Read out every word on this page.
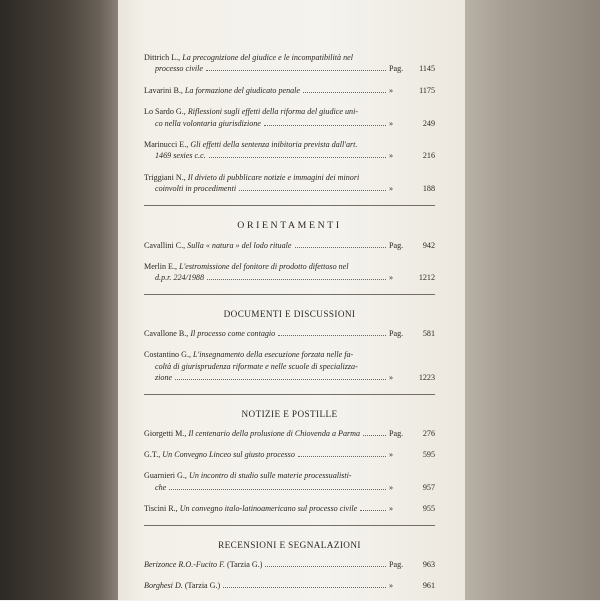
Dittrich L., La precognizione del giudice e le incompatibilità nel
processo civile	Pag.	1145
Lavarini B., La formazione del giudicato penale	»	1175
Lo Sardo G., Riflessioni sugli effetti della riforma del giudice uni-
co nella volontaria giurisdizione	»	249
Marinucci E., Gli effetti della sentenza inibitoria prevista dall'art.
1469 sexies c.c.	»	216
Triggiani N., Il divieto di pubblicare notizie e immagini dei minori
coinvolti in procedimenti	»	188
ORIENTAMENTI
Cavallini C., Sulla « natura » del lodo rituale	Pag.	942
Merlin E., L'estromissione del fonitore di prodotto difettoso nel
d.p.r. 224/1988	»	1212
DOCUMENTI E DISCUSSIONI
Cavallone B., Il processo come contagio	Pag.	581
Costantino G., L'insegnamento della esecuzione forzata nelle fa-
coltà di giurisprudenza riformate e nelle scuole di specializza-
zione	»	1223
NOTIZIE E POSTILLE
Giorgetti M., Il centenario della prolusione di Chiovenda a Parma	Pag.	276
G.T., Un Convegno Linceo sul giusto processo	»	595
Guarnieri G., Un incontro di studio sulle materie processualisti-
che	»	957
Tiscini R., Un convegno italo-latinoamericano sul processo civile	»	955
RECENSIONI E SEGNALAZIONI
Berizonce R.O.-Fucito F. (Tarzia G.)	Pag.	963
Borghesi D. (Tarzia G.)	»	961
